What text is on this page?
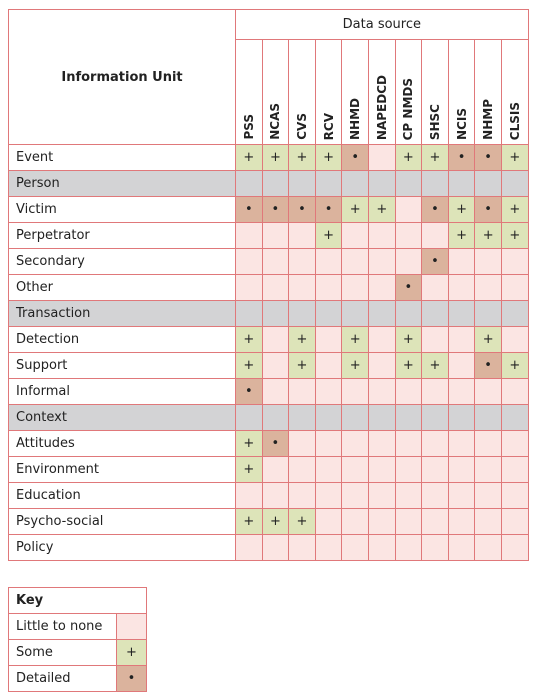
Information Unit	Data source										
	PSS	NCAS	CVS	RCV	NHMD	NAPEDCD	CP NMDS	SHSC	NCIS	NHMP	CLSIS
Event	+	+	+	+	•		+	+	•	•	+
Person											
Victim	•	•	•	•	+	+		•	+	•	+
Perpetrator				+					+	+	+
Secondary								•			
Other							•				
Transaction											
Detection	+		+		+		+			+	
Support	+		+		+		+	+		•	+
Informal	•										
Context											
Attitudes	+	•									
Environment	+										
Education											
Psycho-social	+	+	+								
Policy											
Key	
Little to none	
Some	+
Detailed	•
